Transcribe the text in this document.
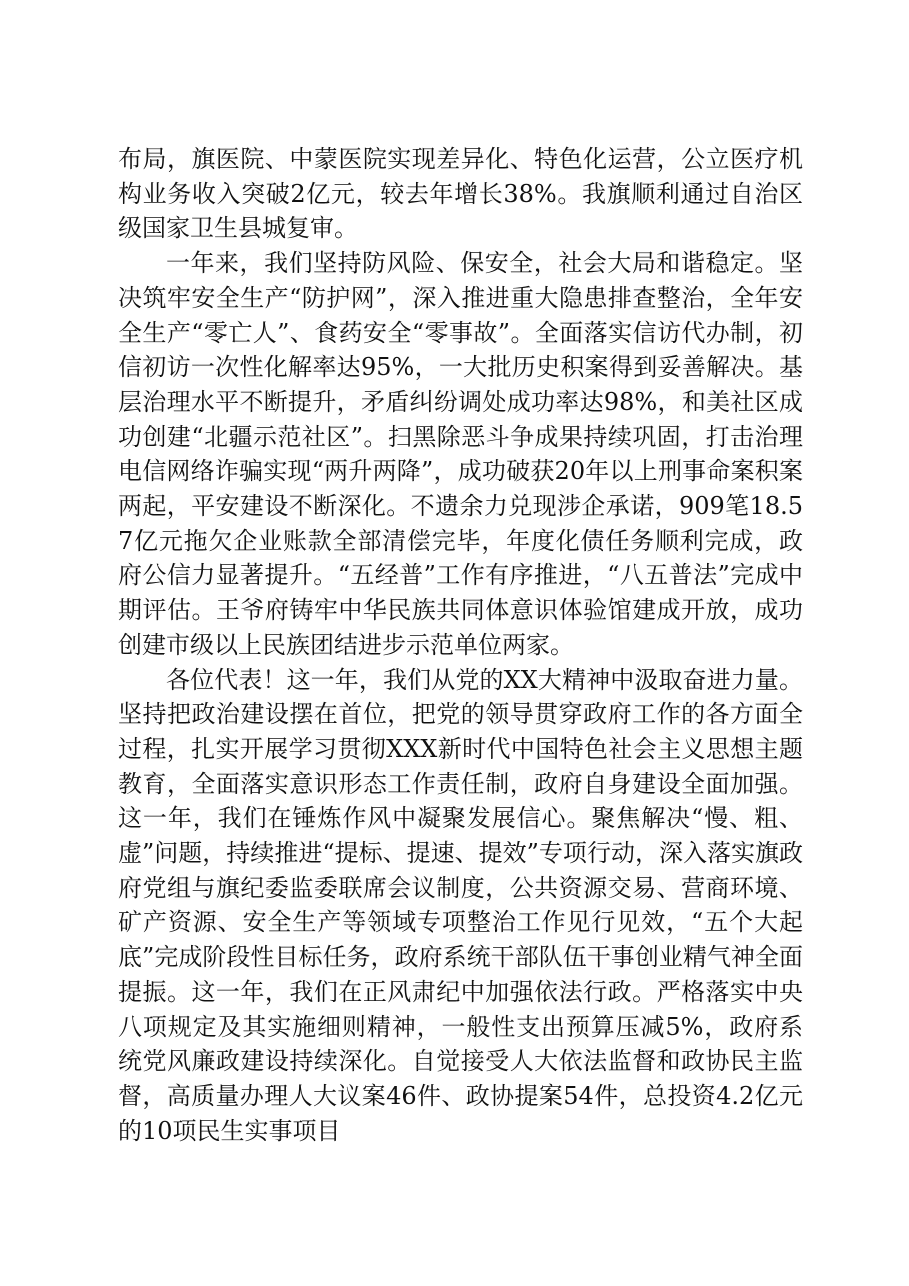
布局，旗医院、中蒙医院实现差异化、特色化运营，公立医疗机构业务收入突破2亿元，较去年增长38%。我旗顺利通过自治区级国家卫生县城复审。

一年来，我们坚持防风险、保安全，社会大局和谐稳定。坚决筑牢安全生产“防护网”，深入推进重大隐患排查整治，全年安全生产“零亡人”、食药安全“零事故”。全面落实信访代办制，初信初访一次性化解率达95%，一大批历史积案得到妥善解决。基层治理水平不断提升，矛盾纠纷调处成功率达98%，和美社区成功创建“北疆示范社区”。扫黑除恶斗争成果持续巩固，打击治理电信网络诈骗实现“两升两降”，成功破获20年以上刑事命案积案两起，平安建设不断深化。不遗余力兑现涉企承诺，909笔18.57亿元拖欠企业账款全部清偿完毕，年度化债任务顺利完成，政府公信力显著提升。“五经普”工作有序推进，“八五普法”完成中期评估。王爷府铸牢中华民族共同体意识体验馆建成开放，成功创建市级以上民族团结进步示范单位两家。

各位代表！这一年，我们从党的XX大精神中汲取奋进力量。坚持把政治建设摆在首位，把党的领导贯穿政府工作的各方面全过程，扎实开展学习贯彻XXX新时代中国特色社会主义思想主题教育，全面落实意识形态工作责任制，政府自身建设全面加强。这一年，我们在锤炼作风中凝聚发展信心。聚焦解决“慢、粗、虚”问题，持续推进“提标、提速、提效”专项行动，深入落实旗政府党组与旗纪委监委联席会议制度，公共资源交易、营商环境、矿产资源、安全生产等领域专项整治工作见行见效，“五个大起底”完成阶段性目标任务，政府系统干部队伍干事创业精气神全面提振。这一年，我们在正风肃纪中加强依法行政。严格落实中央八项规定及其实施细则精神，一般性支出预算压减5%，政府系统党风廉政建设持续深化。自觉接受人大依法监督和政协民主监督，高质量办理人大议案46件、政协提案54件，总投资4.2亿元的10项民生实事项目
